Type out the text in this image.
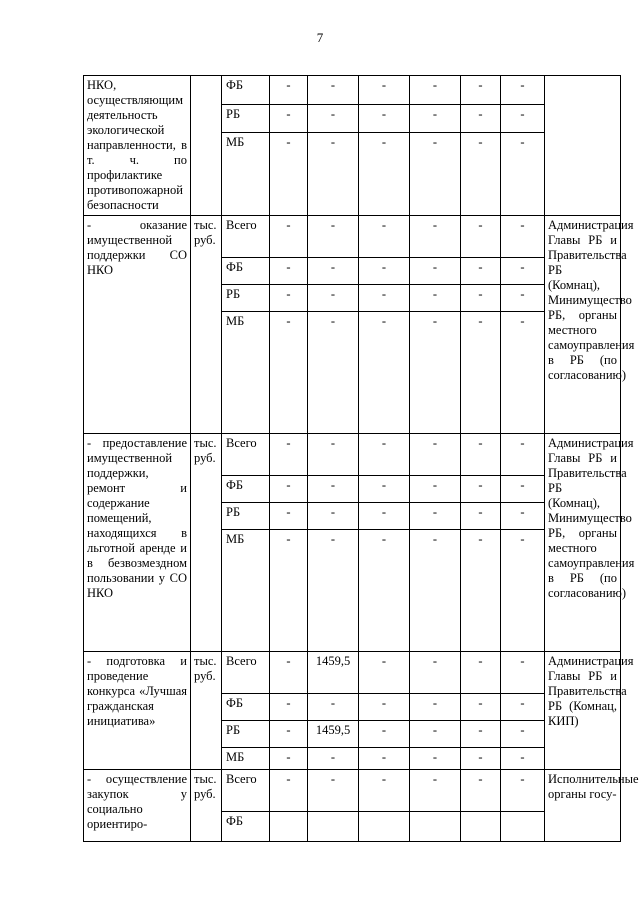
7
НКО, осуществляющим деятельность экологической направленности, в т. ч. по профилактике противопожарной безопасности		ФБ	-	-	-	-	-	-	
		РБ	-	-	-	-	-	-	
		МБ	-	-	-	-	-	-	
- оказание имущественной поддержки СО НКО	тыс. руб.	Всего	-	-	-	-	-	-	Администрация Главы РБ и Правительства РБ (Комнац), Минимущество РБ, органы местного самоуправления в РБ (по согласованию)
		ФБ	-	-	-	-	-	-	
		РБ	-	-	-	-	-	-	
		МБ	-	-	-	-	-	-	
- предоставление имущественной поддержки, ремонт и содержание помещений, находящихся в льготной аренде и в безвозмездном пользовании у СО НКО	тыс. руб.	Всего	-	-	-	-	-	-	Администрация Главы РБ и Правительства РБ (Комнац), Минимущество РБ, органы местного самоуправления в РБ (по согласованию)
		ФБ	-	-	-	-	-	-	
		РБ	-	-	-	-	-	-	
		МБ	-	-	-	-	-	-	
- подготовка и проведение конкурса «Лучшая гражданская инициатива»	тыс. руб.	Всего	-	1459,5	-	-	-	-	Администрация Главы РБ и Правительства РБ (Комнац, КИП)
		ФБ	-	-	-	-	-	-	
		РБ	-	1459,5	-	-	-	-	
		МБ	-	-	-	-	-	-	
- осуществление закупок у социально ориентиро-	тыс. руб.	Всего	-	-	-	-	-	-	Исполнительные органы госу-
		ФБ							
